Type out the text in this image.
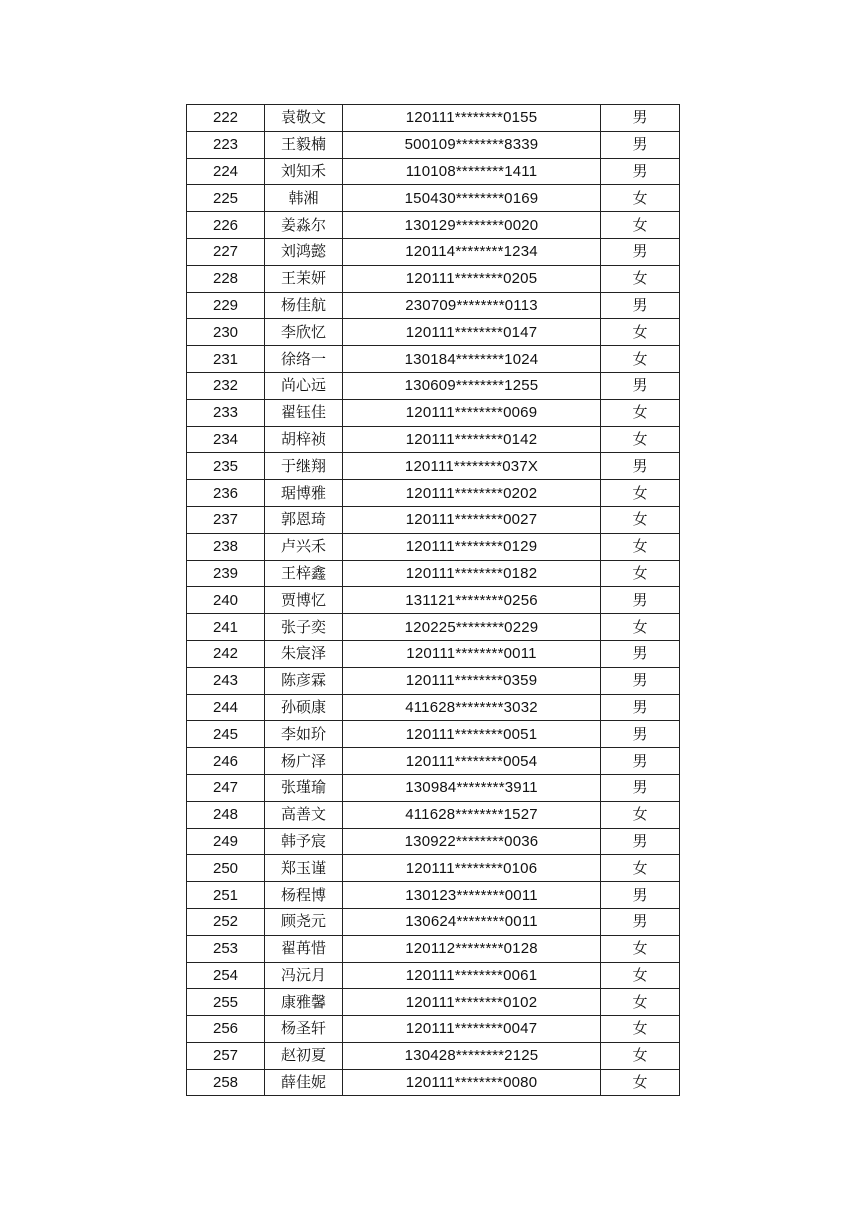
222	袁敬文	120111********0155	男
223	王毅楠	500109********8339	男
224	刘知禾	110108********1411	男
225	韩湘	150430********0169	女
226	姜淼尔	130129********0020	女
227	刘鸿懿	120114********1234	男
228	王茉妍	120111********0205	女
229	杨佳航	230709********0113	男
230	李欣忆	120111********0147	女
231	徐络一	130184********1024	女
232	尚心远	130609********1255	男
233	翟钰佳	120111********0069	女
234	胡梓祯	120111********0142	女
235	于继翔	120111********037X	男
236	琚博雅	120111********0202	女
237	郭恩琦	120111********0027	女
238	卢兴禾	120111********0129	女
239	王梓鑫	120111********0182	女
240	贾博忆	131121********0256	男
241	张子奕	120225********0229	女
242	朱宸泽	120111********0011	男
243	陈彦霖	120111********0359	男
244	孙硕康	411628********3032	男
245	李如玠	120111********0051	男
246	杨广泽	120111********0054	男
247	张瑾瑜	130984********3911	男
248	高善文	411628********1527	女
249	韩予宸	130922********0036	男
250	郑玉谨	120111********0106	女
251	杨程博	130123********0011	男
252	顾尧元	130624********0011	男
253	翟苒惜	120112********0128	女
254	冯沅月	120111********0061	女
255	康雅馨	120111********0102	女
256	杨圣轩	120111********0047	女
257	赵初夏	130428********2125	女
258	薛佳妮	120111********0080	女
